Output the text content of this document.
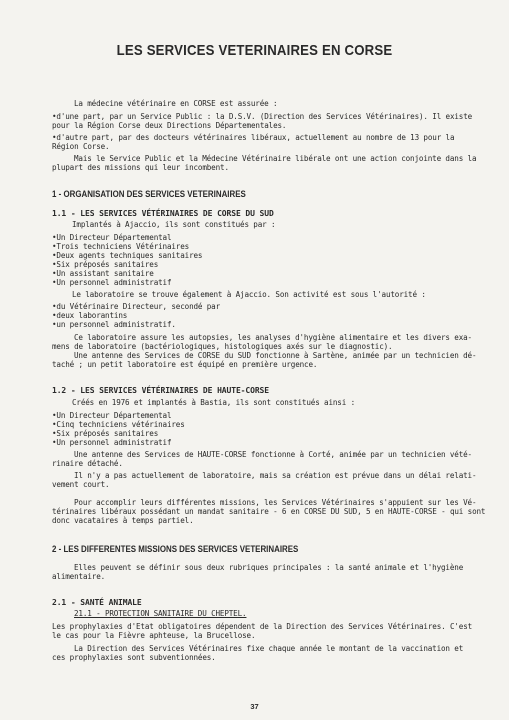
LES SERVICES VETERINAIRES EN CORSE
La médecine vétérinaire en CORSE est assurée :
•d'une part, par un Service Public : la D.S.V. (Direction des Services Vétérinaires). Il existe
pour la Région Corse deux Directions Départementales.
•d'autre part, par des docteurs vétérinaires libéraux, actuellement au nombre de 13 pour la
Région Corse.
Mais le Service Public et la Médecine Vétérinaire libérale ont une action conjointe dans la
plupart des missions qui leur incombent.
1 - ORGANISATION DES SERVICES VETERINAIRES
1.1 - LES SERVICES VÉTÉRINAIRES DE CORSE DU SUD
Implantés à Ajaccio, ils sont constitués par :
•Un Directeur Départemental
•Trois techniciens Vétérinaires
•Deux agents techniques sanitaires
•Six préposés sanitaires
•Un assistant sanitaire
•Un personnel administratif
Le laboratoire se trouve également à Ajaccio. Son activité est sous l'autorité :
•du Vétérinaire Directeur, secondé par
•deux laborantins
•un personnel administratif.
Ce laboratoire assure les autopsies, les analyses d'hygiène alimentaire et les divers exa-
mens de laboratoire (bactériologiques, histologiques axés sur le diagnostic).
Une antenne des Services de CORSE du SUD fonctionne à Sartène, animée par un technicien dé-
taché ; un petit laboratoire est équipé en première urgence.
1.2 - LES SERVICES VÉTÉRINAIRES DE HAUTE-CORSE
Créés en 1976 et implantés à Bastia, ils sont constitués ainsi :
•Un Directeur Départemental
•Cinq techniciens vétérinaires
•Six préposés sanitaires
•Un personnel administratif
Une antenne des Services de HAUTE-CORSE fonctionne à Corté, animée par un technicien vété-
rinaire détaché.
Il n'y a pas actuellement de laboratoire, mais sa création est prévue dans un délai relati-
vement court.
Pour accomplir leurs différentes missions, les Services Vétérinaires s'appuient sur les Vé-
térinaires libéraux possédant un mandat sanitaire - 6 en CORSE DU SUD, 5 en HAUTE-CORSE - qui sont
donc vacataires à temps partiel.
2 - LES DIFFERENTES MISSIONS DES SERVICES VETERINAIRES
Elles peuvent se définir sous deux rubriques principales : la santé animale et l'hygiène
alimentaire.
2.1 - SANTÉ ANIMALE
21.1 - PROTECTION SANITAIRE DU CHEPTEL.
Les prophylaxies d'Etat obligatoires dépendent de la Direction des Services Vétérinaires. C'est
le cas pour la Fièvre aphteuse, la Brucellose.
La Direction des Services Vétérinaires fixe chaque année le montant de la vaccination et
ces prophylaxies sont subventionnées.
37
